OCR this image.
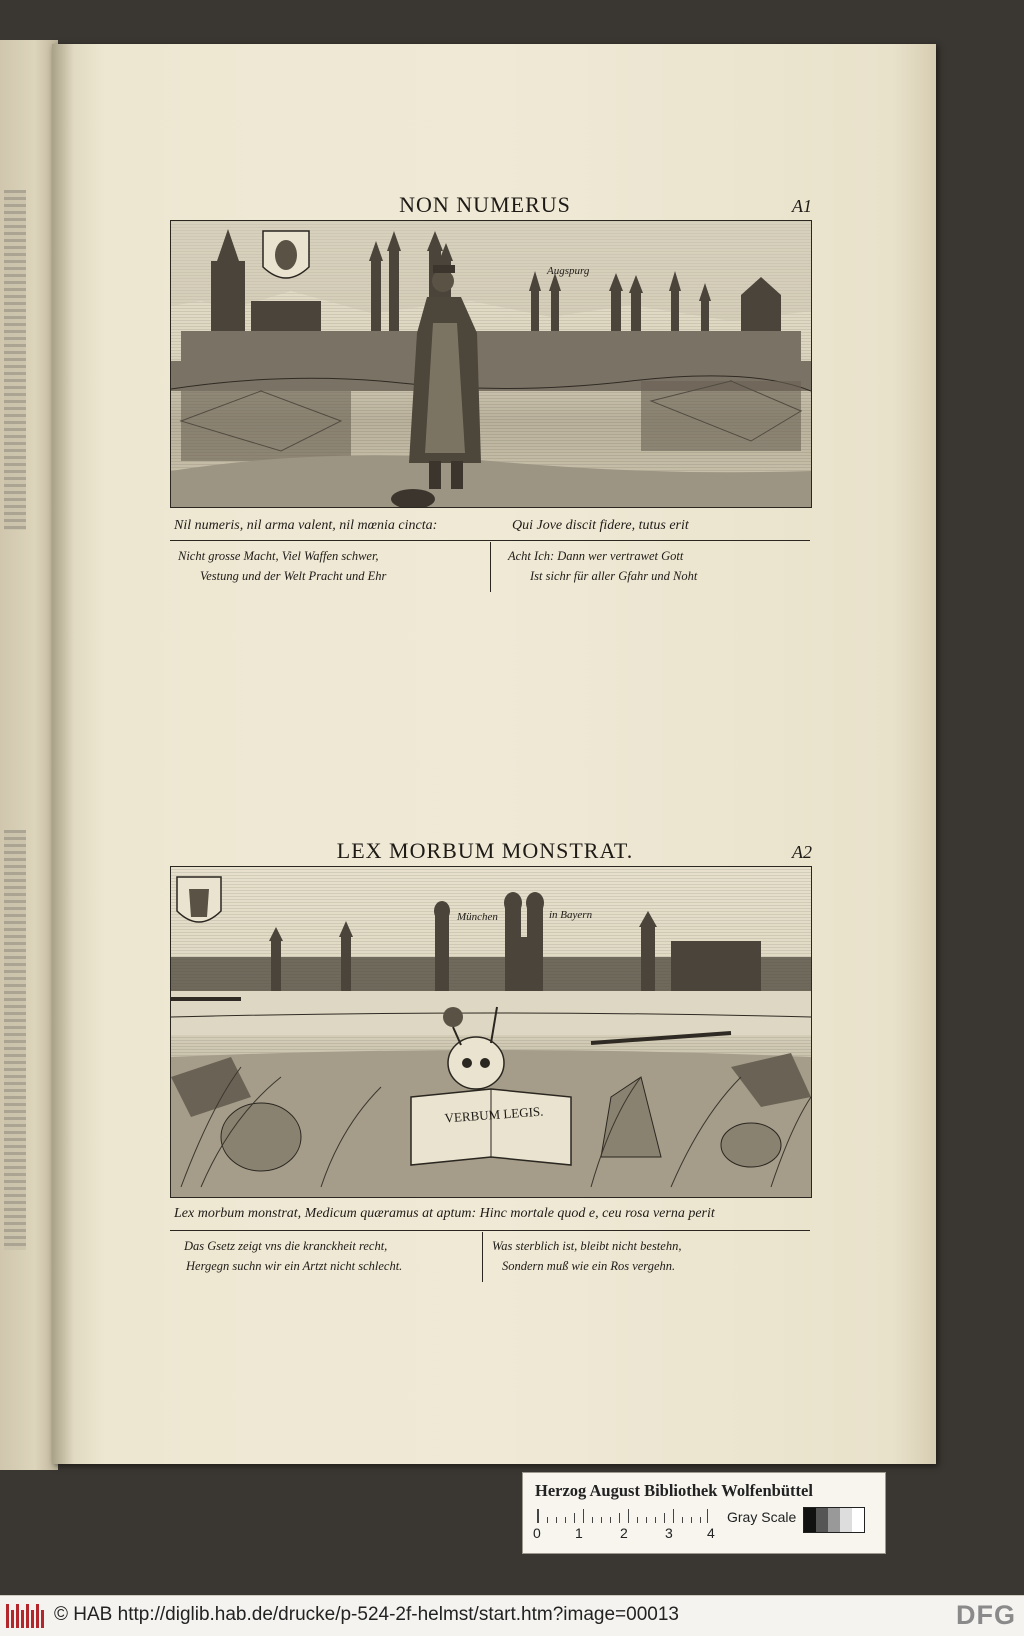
NON NUMERUS	A1
Augspurg
Nil numeris, nil arma valent, nil mœnia cincta:	Qui Jove discit fidere, tutus erit
Nicht grosse Macht, Viel Waffen schwer,
Vestung und der Welt Pracht und Ehr
Acht Ich: Dann wer vertrawet Gott
Ist sichr für aller Gfahr und Noht
LEX MORBUM MONSTRAT.	A2
München	in Bayern
VERBUM LEGIS.
Lex morbum monstrat, Medicum quæramus at aptum: Hinc mortale quod e, ceu rosa verna perit
Das Gsetz zeigt vns die kranckheit recht,
Hergegn suchn wir ein Artzt nicht schlecht.
Was sterblich ist, bleibt nicht bestehn,
Sondern muß wie ein Ros vergehn.
Herzog August Bibliothek Wolfenbüttel
0 1	2	3 4
Gray Scale
© HAB http://diglib.hab.de/drucke/p-524-2f-helmst/start.htm?image=00013	DFG
